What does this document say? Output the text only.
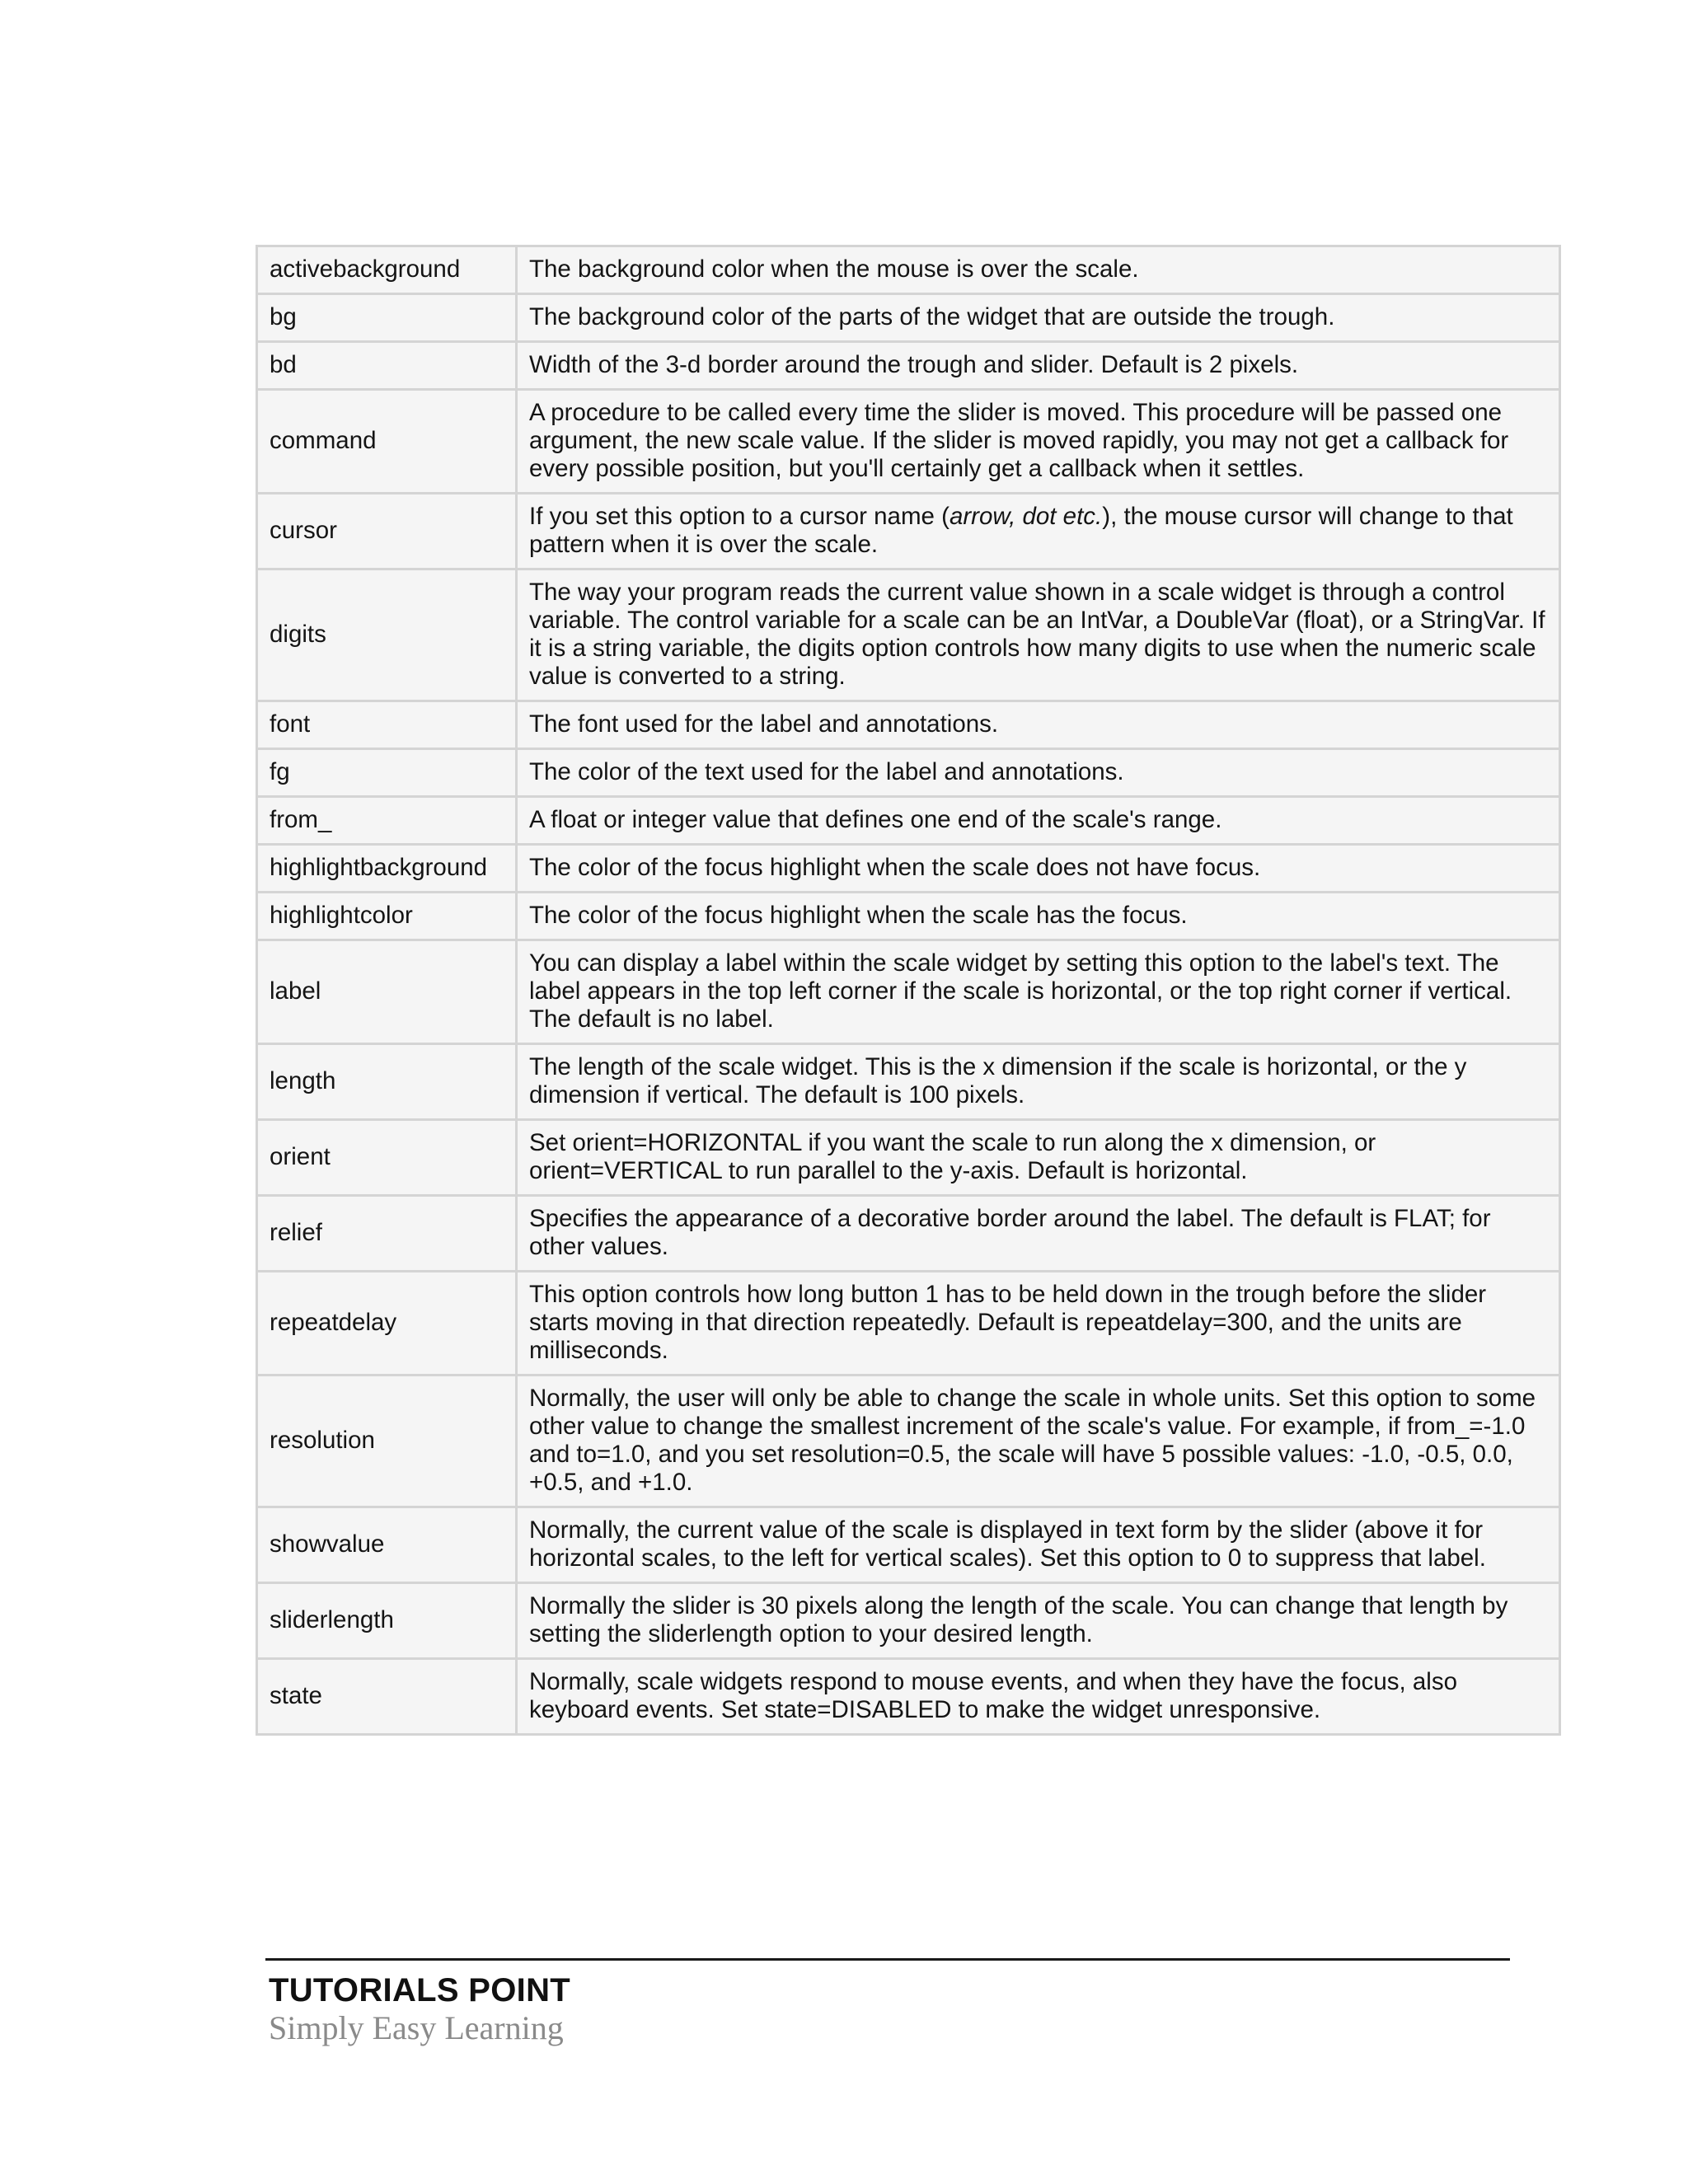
activebackground	The background color when the mouse is over the scale.
bg	The background color of the parts of the widget that are outside the trough.
bd	Width of the 3-d border around the trough and slider. Default is 2 pixels.
command	A procedure to be called every time the slider is moved. This procedure will be passed one argument, the new scale value. If the slider is moved rapidly, you may not get a callback for every possible position, but you'll certainly get a callback when it settles.
cursor	If you set this option to a cursor name (arrow, dot etc.), the mouse cursor will change to that pattern when it is over the scale.
digits	The way your program reads the current value shown in a scale widget is through a control variable. The control variable for a scale can be an IntVar, a DoubleVar (float), or a StringVar. If it is a string variable, the digits option controls how many digits to use when the numeric scale value is converted to a string.
font	The font used for the label and annotations.
fg	The color of the text used for the label and annotations.
from_	A float or integer value that defines one end of the scale's range.
highlightbackground	The color of the focus highlight when the scale does not have focus.
highlightcolor	The color of the focus highlight when the scale has the focus.
label	You can display a label within the scale widget by setting this option to the label's text. The label appears in the top left corner if the scale is horizontal, or the top right corner if vertical. The default is no label.
length	The length of the scale widget. This is the x dimension if the scale is horizontal, or the y dimension if vertical. The default is 100 pixels.
orient	Set orient=HORIZONTAL if you want the scale to run along the x dimension, or orient=VERTICAL to run parallel to the y-axis. Default is horizontal.
relief	Specifies the appearance of a decorative border around the label. The default is FLAT; for other values.
repeatdelay	This option controls how long button 1 has to be held down in the trough before the slider starts moving in that direction repeatedly. Default is repeatdelay=300, and the units are milliseconds.
resolution	Normally, the user will only be able to change the scale in whole units. Set this option to some other value to change the smallest increment of the scale's value. For example, if from_=-1.0 and to=1.0, and you set resolution=0.5, the scale will have 5 possible values: -1.0, -0.5, 0.0, +0.5, and +1.0.
showvalue	Normally, the current value of the scale is displayed in text form by the slider (above it for horizontal scales, to the left for vertical scales). Set this option to 0 to suppress that label.
sliderlength	Normally the slider is 30 pixels along the length of the scale. You can change that length by setting the sliderlength option to your desired length.
state	Normally, scale widgets respond to mouse events, and when they have the focus, also keyboard events. Set state=DISABLED to make the widget unresponsive.
TUTORIALS POINT
Simply Easy Learning
